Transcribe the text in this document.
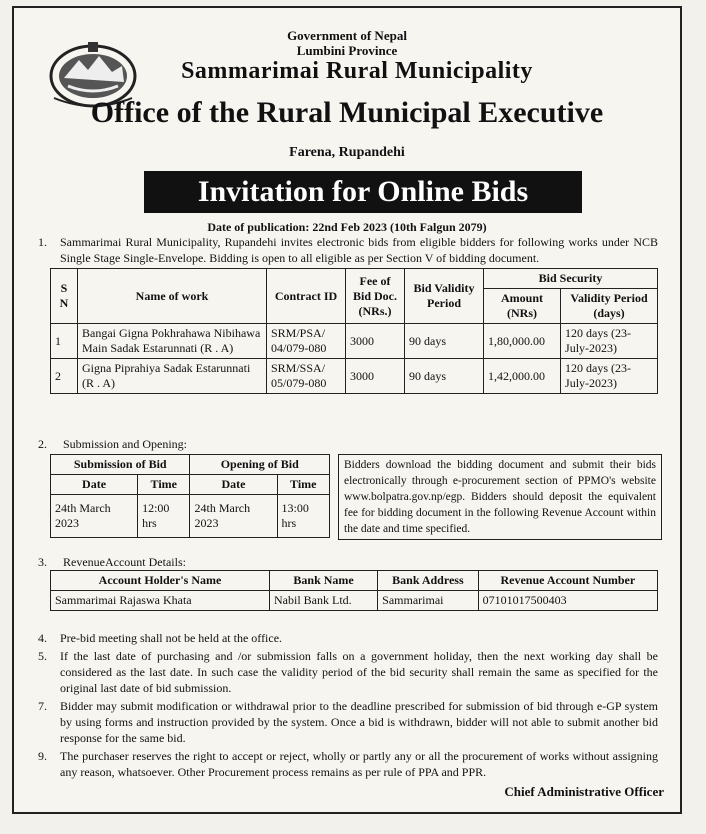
Government of Nepal
Lumbini Province
Sammarimai Rural Municipality
Office of the Rural Municipal Executive
Farena, Rupandehi
Invitation for Online Bids
Date of publication: 22nd Feb 2023 (10th Falgun 2079)
1.	Sammarimai Rural Municipality, Rupandehi invites electronic bids from eligible bidders for following works under NCB Single Stage Single-Envelope. Bidding is open to all eligible as per Section V of bidding document.
S N	Name of work	Contract ID	Fee of Bid Doc. (NRs.)	Bid Validity Period	Bid Security	
					Amount (NRs)	Validity Period (days)
1	Bangai Gigna Pokhrahawa Nibihawa Main Sadak Estarunnati (R . A)	SRM/PSA/ 04/079-080	3000	90 days	1,80,000.00	120 days (23-July-2023)
2	Gigna Piprahiya Sadak Estarunnati (R . A)	SRM/SSA/ 05/079-080	3000	90 days	1,42,000.00	120 days (23-July-2023)
2. Submission and Opening:
Submission of Bid		Opening of Bid	
Date	Time	Date	Time
24th March 2023	12:00 hrs	24th March 2023	13:00 hrs
Bidders download the bidding document and submit their bids electronically through e-procurement section of PPMO's website www.bolpatra.gov.np/egp. Bidders should deposit the equivalent fee for bidding document in the following Revenue Account within the date and time specified.
3. RevenueAccount Details:
Account Holder's Name	Bank Name	Bank Address	Revenue Account Number
Sammarimai Rajaswa Khata	Nabil Bank Ltd.	Sammarimai	07101017500403
4.	Pre-bid meeting shall not be held at the office.
5.	If the last date of purchasing and /or submission falls on a government holiday, then the next working day shall be considered as the last date. In such case the validity period of the bid security shall remain the same as specified for the original last date of bid submission.
7.	Bidder may submit modification or withdrawal prior to the deadline prescribed for submission of bid through e-GP system by using forms and instruction provided by the system. Once a bid is withdrawn, bidder will not able to submit another bid response for the same bid.
9.	The purchaser reserves the right to accept or reject, wholly or partly any or all the procurement of works without assigning any reason, whatsoever. Other Procurement process remains as per rule of PPA and PPR.
Chief Administrative Officer
